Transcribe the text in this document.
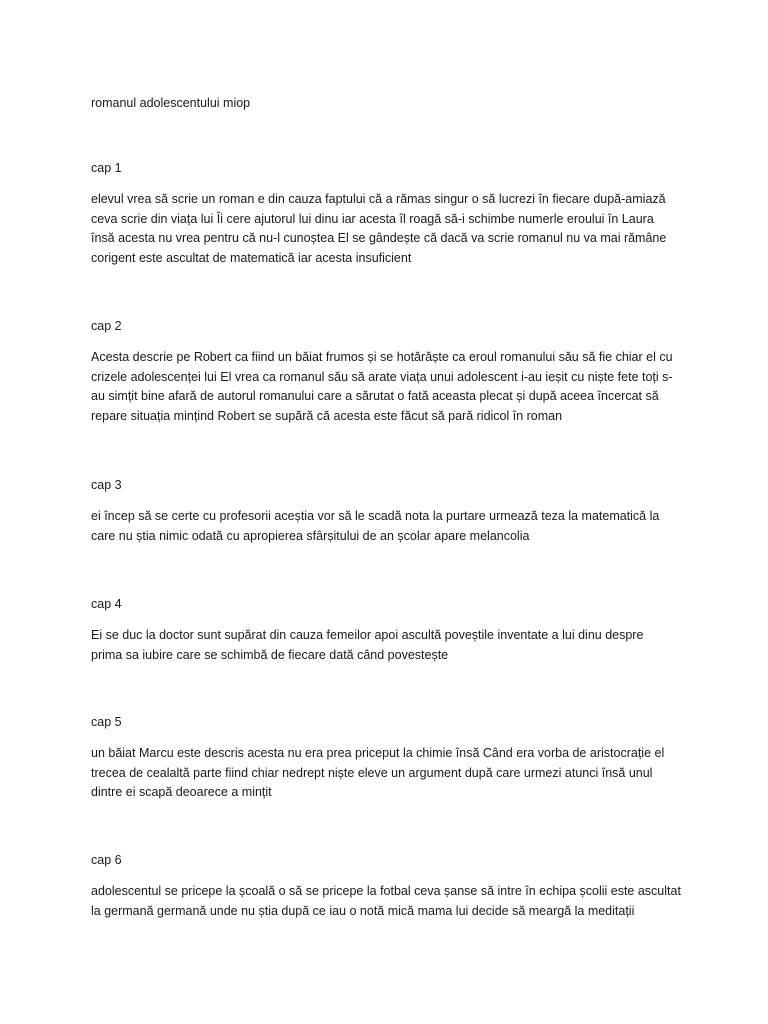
romanul adolescentului miop
cap 1
elevul vrea să scrie un roman e din cauza faptului că a rămas singur o să lucrezi în fiecare după-amiază
ceva scrie din viața lui Îi cere ajutorul lui dinu iar acesta îl roagă să-i schimbe numerle eroului în Laura
însă acesta nu vrea pentru că nu-l cunoștea El se gândește că dacă va scrie romanul nu va mai rămâne
corigent este ascultat de matematică iar acesta insuficient
cap 2
Acesta descrie pe Robert ca fiind un băiat frumos și se hotărăște ca eroul romanului său să fie chiar el cu
crizele adolescenței lui El vrea ca romanul său să arate viața unui adolescent i-au ieșit cu niște fete toți s-
au simțit bine afară de autorul romanului care a sărutat o fată aceasta plecat și după aceea încercat să
repare situația mințind Robert se supără că acesta este făcut să pară ridicol în roman
cap 3
ei încep să se certe cu profesorii aceștia vor să le scadă nota la purtare urmează teza la matematică la
care nu știa nimic odată cu apropierea sfârșitului de an școlar apare melancolia
cap 4
Ei se duc la doctor sunt supărat din cauza femeilor apoi ascultă poveștile inventate a lui dinu despre
prima sa iubire care se schimbă de fiecare dată când povestește
cap 5
un băiat Marcu este descris acesta nu era prea priceput la chimie însă Când era vorba de aristocrație el
trecea de cealaltă parte fiind chiar nedrept niște eleve un argument după care urmezi atunci însă unul
dintre ei scapă deoarece a mințit
cap 6
adolescentul se pricepe la școală o să se pricepe la fotbal ceva șanse să intre în echipa școlii este ascultat
la germană germană unde nu știa după ce iau o notă mică mama lui decide să meargă la meditații
